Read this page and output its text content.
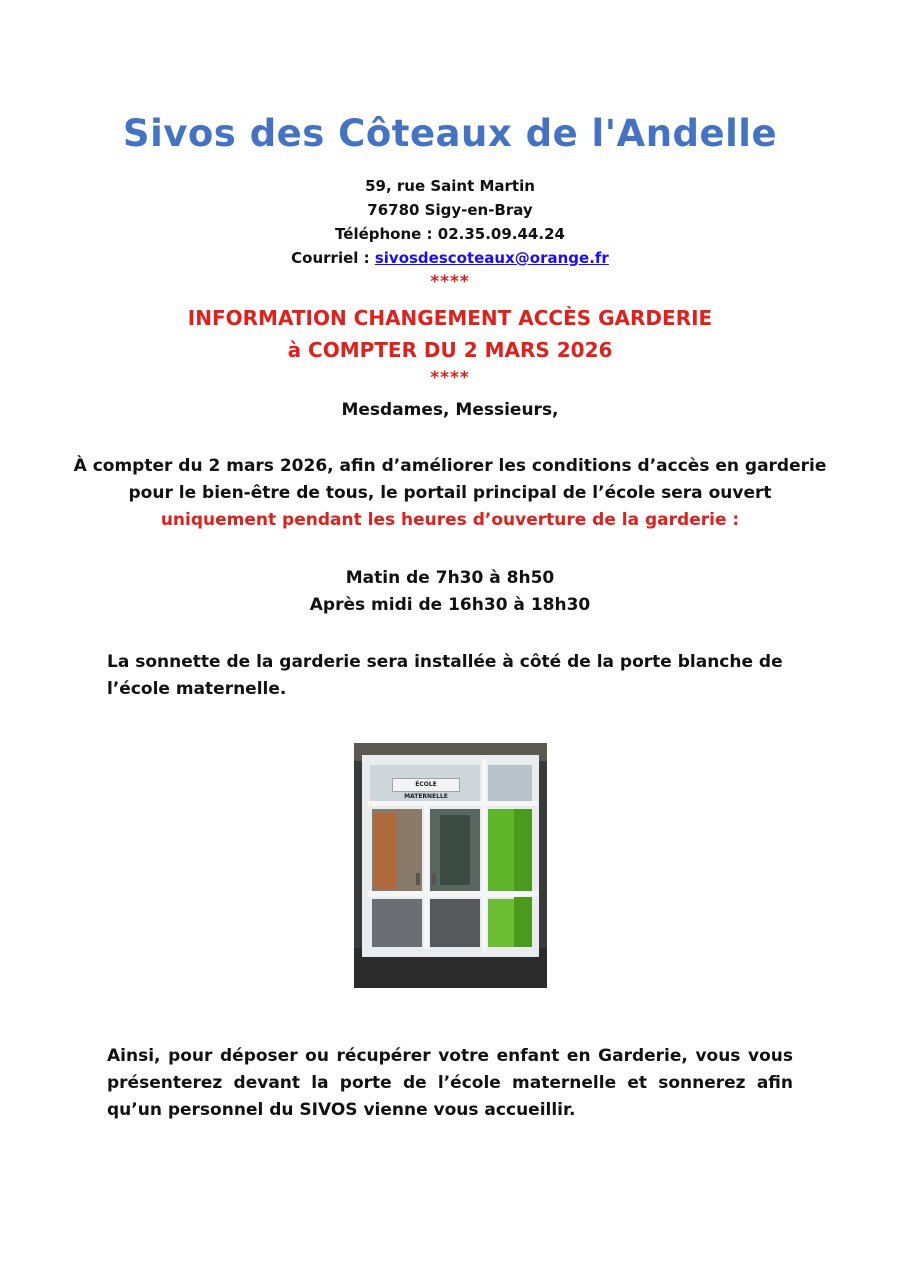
Sivos des Côteaux de l'Andelle
59, rue Saint Martin
76780 Sigy-en-Bray
Téléphone : 02.35.09.44.24
Courriel : sivosdescoteaux@orange.fr
****
INFORMATION CHANGEMENT ACCÈS GARDERIE
à COMPTER DU 2 MARS 2026
****
Mesdames, Messieurs,
À compter du 2 mars 2026, afin d’améliorer les conditions d’accès en garderie
pour le bien-être de tous, le portail principal de l’école sera ouvert
uniquement pendant les heures d’ouverture de la garderie :
Matin de 7h30 à 8h50
Après midi de 16h30 à 18h30
La sonnette de la garderie sera installée à côté de la porte blanche de l’école maternelle.
ÉCOLE MATERNELLE
Ainsi, pour déposer ou récupérer votre enfant en Garderie, vous vous présenterez devant la porte de l’école maternelle et sonnerez afin qu’un personnel du SIVOS vienne vous accueillir.
